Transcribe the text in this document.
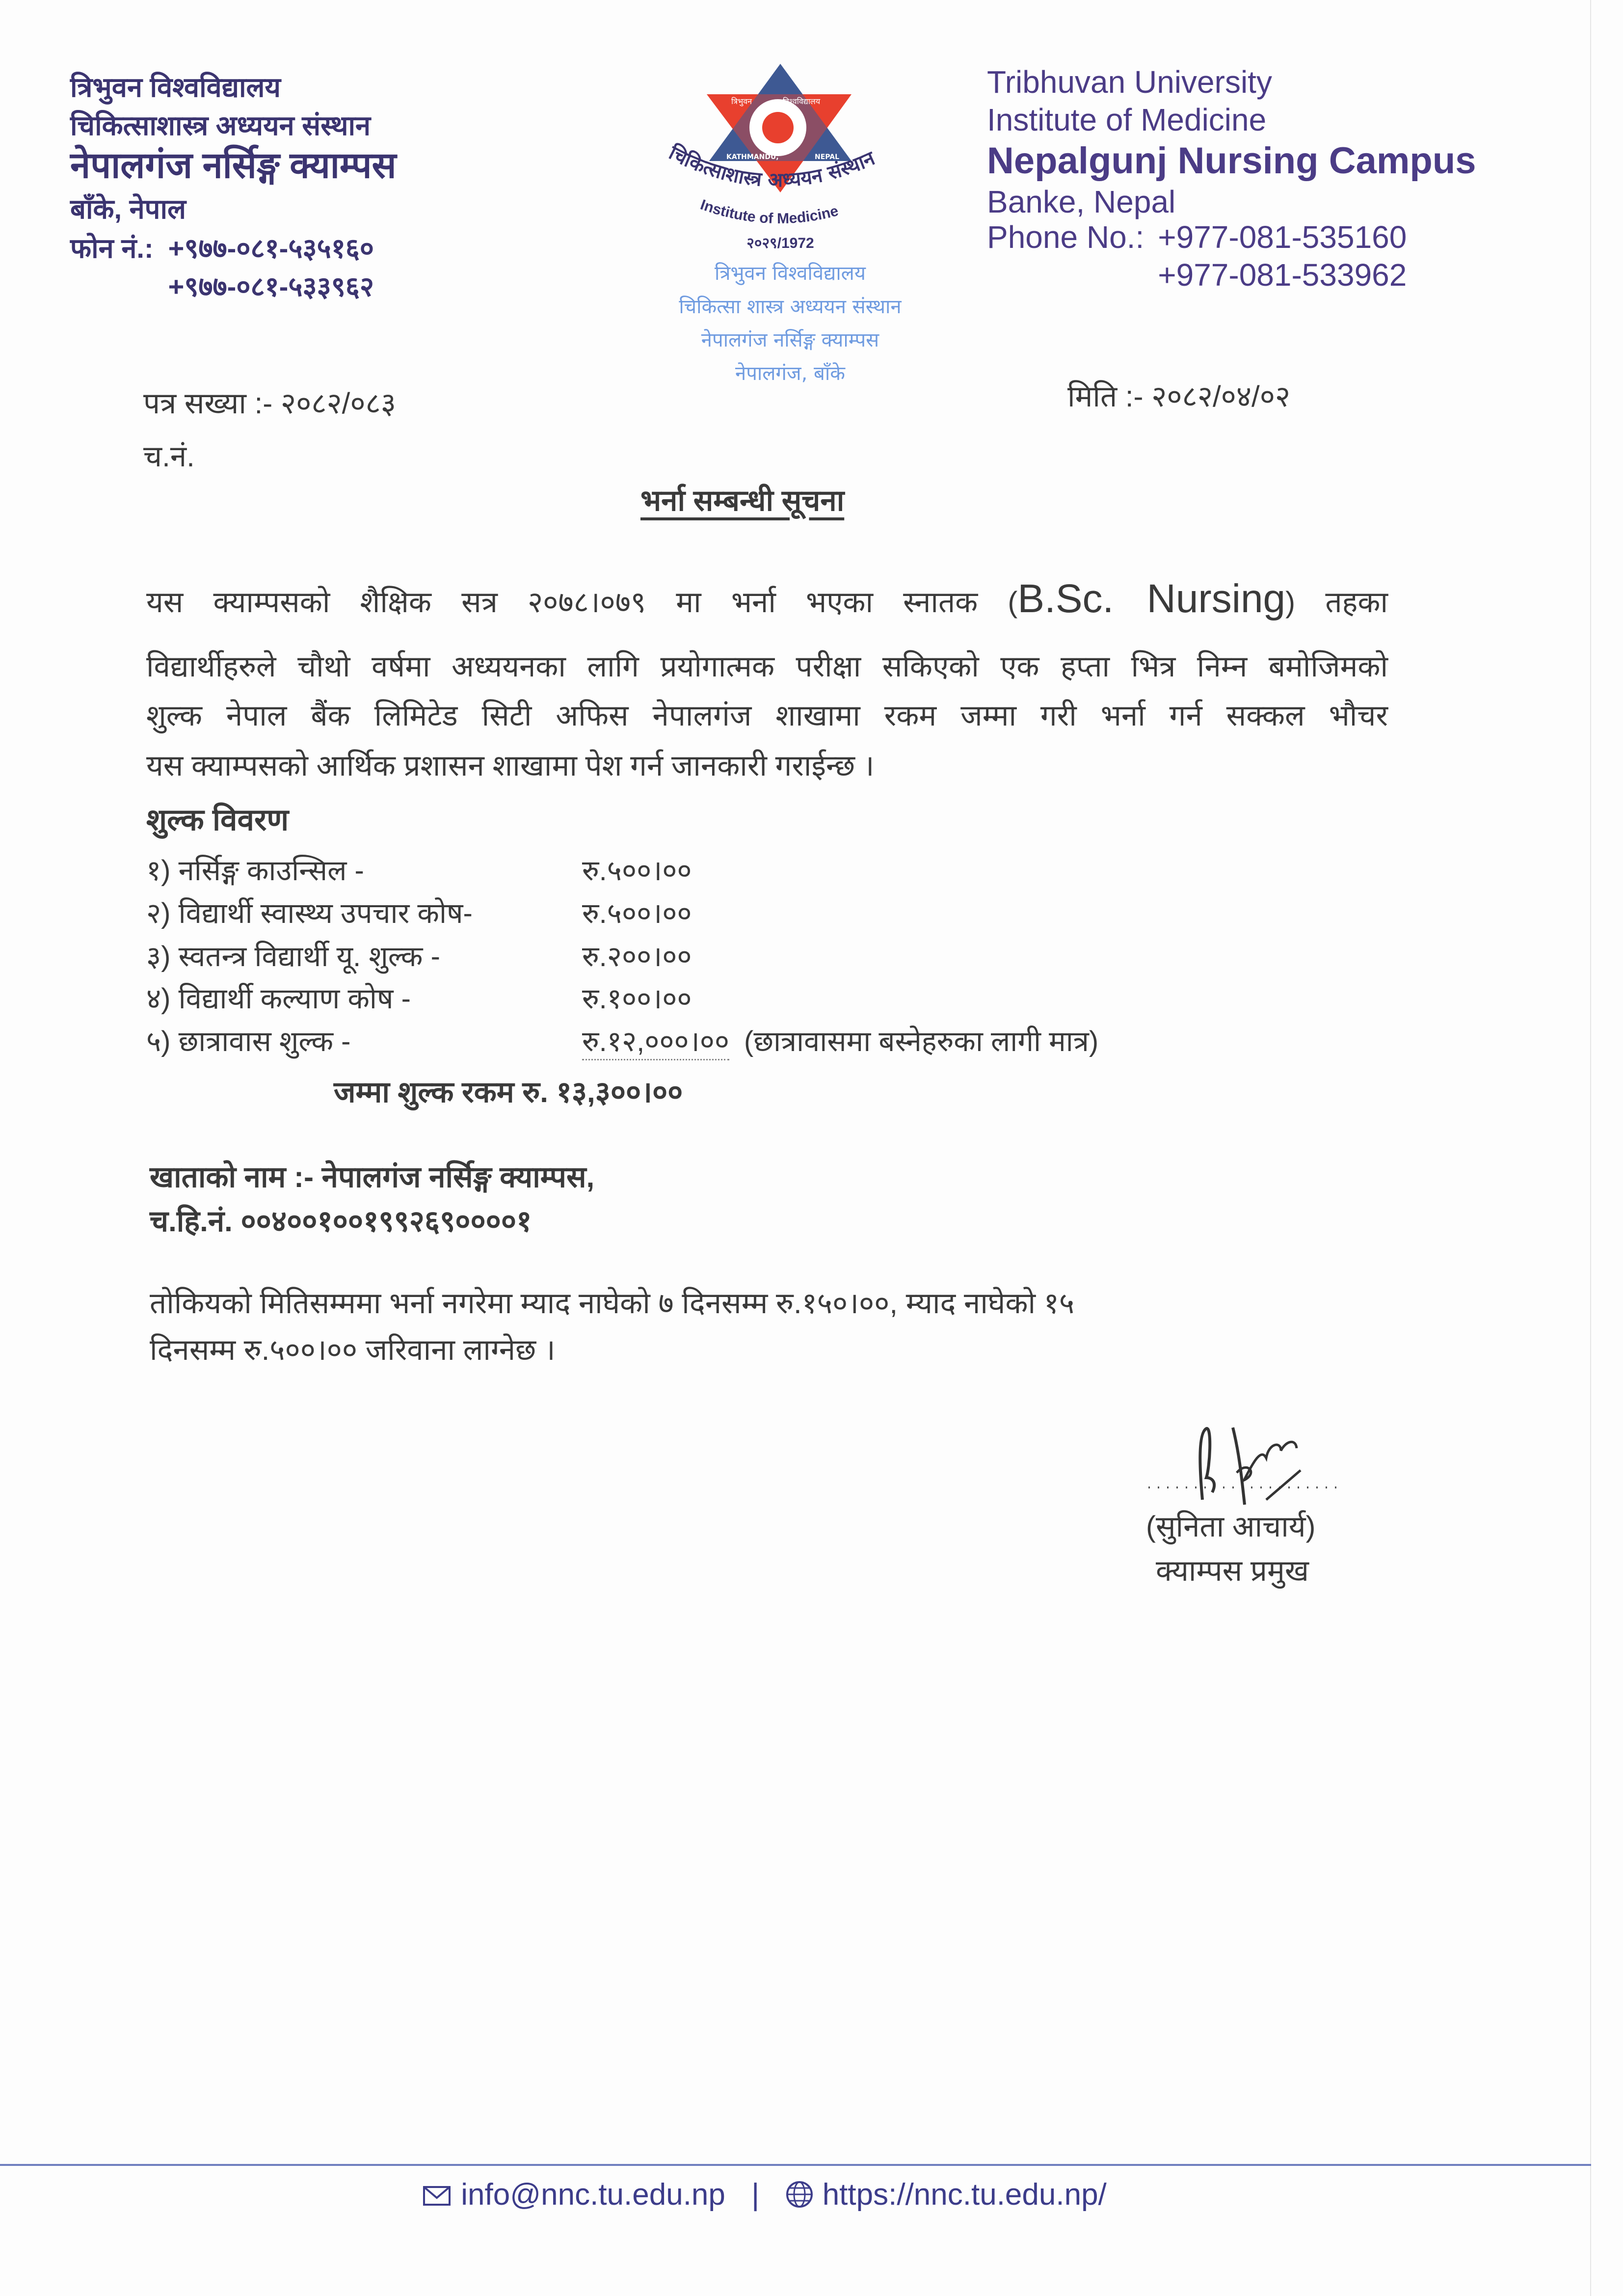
त्रिभुवन विश्वविद्यालय
चिकित्साशास्त्र अध्ययन संस्थान
नेपालगंज नर्सिङ्ग क्याम्पस
बाँके, नेपाल
फोन नं.: +९७७-०८१-५३५१६०
+९७७-०८१-५३३९६२
त्रिभुवन	विश्वविद्यालय
KATHMANDU,	NEPAL
चिकित्साशास्त्र अध्ययन संस्थान
Institute of Medicine
२०२९/1972
त्रिभुवन विश्वविद्यालय
चिकित्सा शास्त्र अध्ययन संस्थान
नेपालगंज नर्सिङ्ग क्याम्पस
नेपालगंज, बाँके
Tribhuvan University
Institute of Medicine
Nepalgunj Nursing Campus
Banke, Nepal
Phone No.: +977-081-535160
+977-081-533962
पत्र सख्या :- २०८२/०८३
च.नं.
मिति :- २०८२/०४/०२
भर्ना सम्बन्धी सूचना
यस क्याम्पसको शैक्षिक सत्र २०७८।०७९ मा भर्ना भएका स्नातक (B.Sc. Nursing) तहका
विद्यार्थीहरुले चौथो वर्षमा अध्ययनका लागि प्रयोगात्मक परीक्षा सकिएको एक हप्ता भित्र निम्न बमोजिमको
शुल्क नेपाल बैंक लिमिटेड सिटी अफिस नेपालगंज शाखामा रकम जम्मा गरी भर्ना गर्न सक्कल भौचर
यस क्याम्पसको आर्थिक प्रशासन शाखामा पेश गर्न जानकारी गराईन्छ ।
शुल्क विवरण
१) नर्सिङ्ग काउन्सिल -	रु.५००।००
२) विद्यार्थी स्वास्थ्य उपचार कोष-	रु.५००।००
३) स्वतन्त्र विद्यार्थी यू. शुल्क -	रु.२००।००
४) विद्यार्थी कल्याण कोष -	रु.१००।००
५) छात्रावास शुल्क -	रु.१२,०००।०० (छात्रावासमा बस्नेहरुका लागी मात्र)
जम्मा शुल्क रकम रु. १३,३००।००
खाताको नाम :- नेपालगंज नर्सिङ्ग क्याम्पस,
च.हि.नं. ००४००१००१९९२६९००००१
तोकियको मितिसम्ममा भर्ना नगरेमा म्याद नाघेको ७ दिनसम्म रु.१५०।००, म्याद नाघेको १५
दिनसम्म रु.५००।०० जरिवाना लाग्नेछ ।
(सुनिता आचार्य)
क्याम्पस प्रमुख
info@nnc.tu.edu.np | https://nnc.tu.edu.np/
